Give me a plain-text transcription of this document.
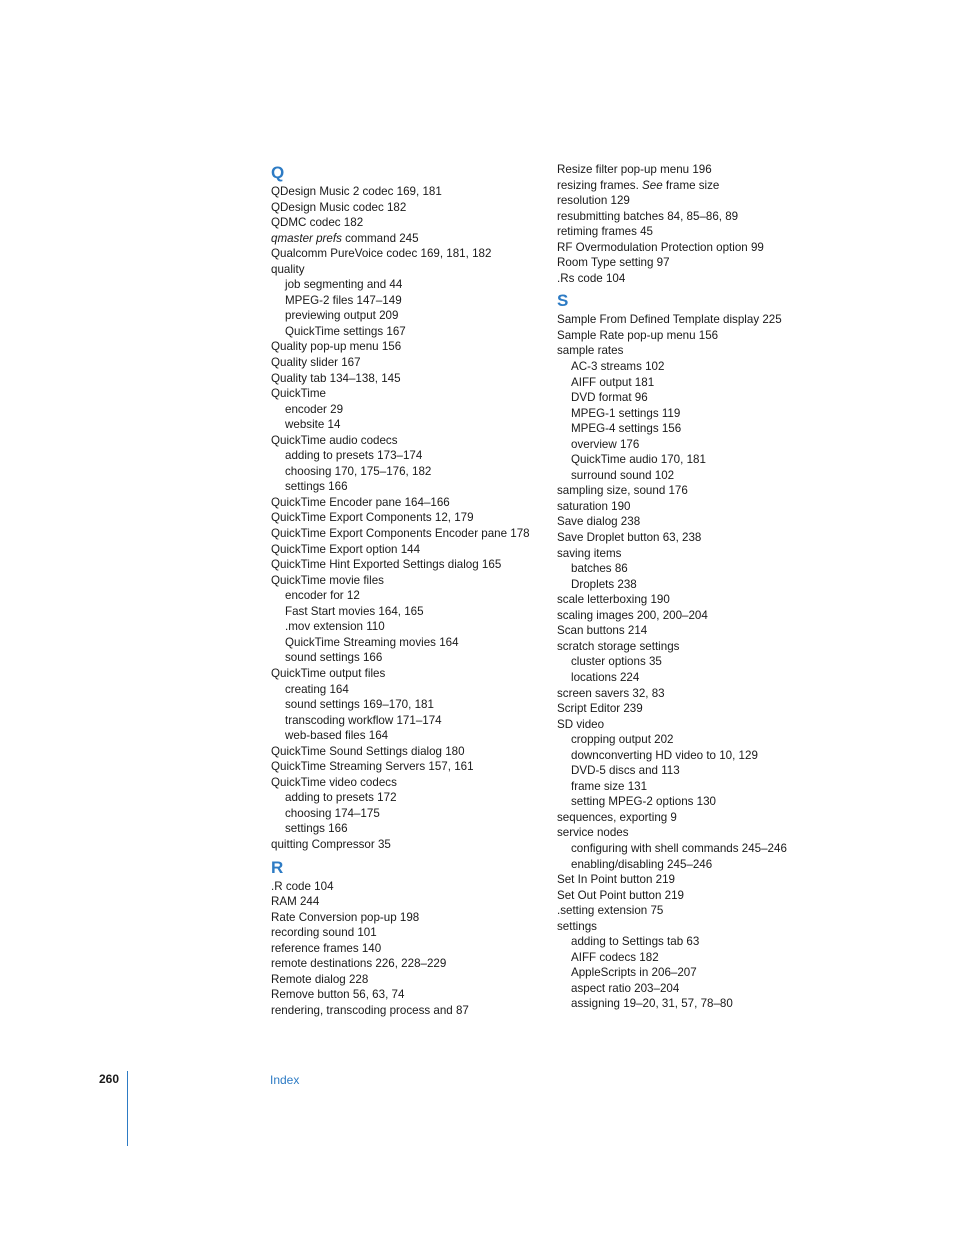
Q
QDesign Music 2 codec 169, 181
QDesign Music codec 182
QDMC codec 182
qmaster prefs command 245
Qualcomm PureVoice codec 169, 181, 182
quality
job segmenting and 44
MPEG-2 files 147–149
previewing output 209
QuickTime settings 167
Quality pop-up menu 156
Quality slider 167
Quality tab 134–138, 145
QuickTime
encoder 29
website 14
QuickTime audio codecs
adding to presets 173–174
choosing 170, 175–176, 182
settings 166
QuickTime Encoder pane 164–166
QuickTime Export Components 12, 179
QuickTime Export Components Encoder pane 178
QuickTime Export option 144
QuickTime Hint Exported Settings dialog 165
QuickTime movie files
encoder for 12
Fast Start movies 164, 165
.mov extension 110
QuickTime Streaming movies 164
sound settings 166
QuickTime output files
creating 164
sound settings 169–170, 181
transcoding workflow 171–174
web-based files 164
QuickTime Sound Settings dialog 180
QuickTime Streaming Servers 157, 161
QuickTime video codecs
adding to presets 172
choosing 174–175
settings 166
quitting Compressor 35
R
.R code 104
RAM 244
Rate Conversion pop-up 198
recording sound 101
reference frames 140
remote destinations 226, 228–229
Remote dialog 228
Remove button 56, 63, 74
rendering, transcoding process and 87
Resize filter pop-up menu 196
resizing frames. See frame size
resolution 129
resubmitting batches 84, 85–86, 89
retiming frames 45
RF Overmodulation Protection option 99
Room Type setting 97
.Rs code 104
S
Sample From Defined Template display 225
Sample Rate pop-up menu 156
sample rates
AC-3 streams 102
AIFF output 181
DVD format 96
MPEG-1 settings 119
MPEG-4 settings 156
overview 176
QuickTime audio 170, 181
surround sound 102
sampling size, sound 176
saturation 190
Save dialog 238
Save Droplet button 63, 238
saving items
batches 86
Droplets 238
scale letterboxing 190
scaling images 200, 200–204
Scan buttons 214
scratch storage settings
cluster options 35
locations 224
screen savers 32, 83
Script Editor 239
SD video
cropping output 202
downconverting HD video to 10, 129
DVD-5 discs and 113
frame size 131
setting MPEG-2 options 130
sequences, exporting 9
service nodes
configuring with shell commands 245–246
enabling/disabling 245–246
Set In Point button 219
Set Out Point button 219
.setting extension 75
settings
adding to Settings tab 63
AIFF codecs 182
AppleScripts in 206–207
aspect ratio 203–204
assigning 19–20, 31, 57, 78–80
260	Index
